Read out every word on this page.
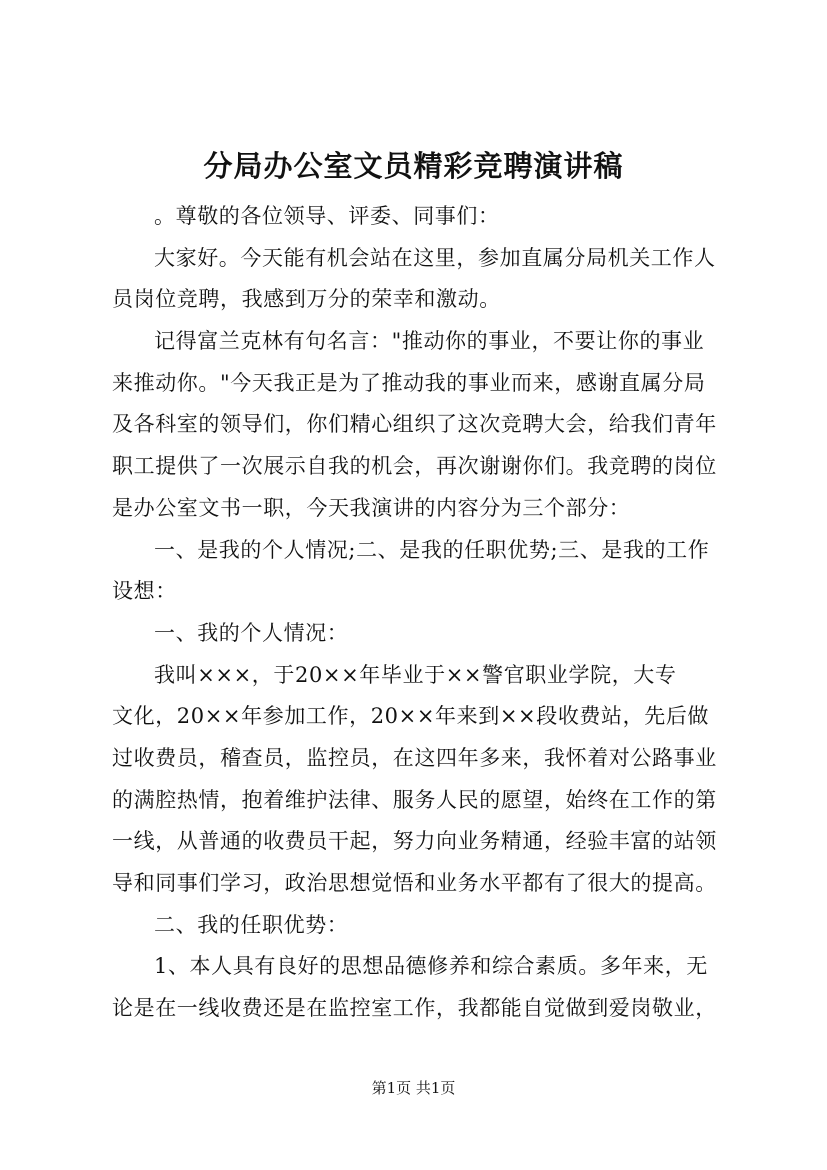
分局办公室文员精彩竞聘演讲稿
。尊敬的各位领导、评委、同事们：
大家好。今天能有机会站在这里，参加直属分局机关工作人
员岗位竞聘，我感到万分的荣幸和激动。
记得富兰克林有句名言："推动你的事业，不要让你的事业
来推动你。"今天我正是为了推动我的事业而来，感谢直属分局
及各科室的领导们，你们精心组织了这次竞聘大会，给我们青年
职工提供了一次展示自我的机会，再次谢谢你们。我竞聘的岗位
是办公室文书一职，今天我演讲的内容分为三个部分：
一、是我的个人情况;二、是我的任职优势;三、是我的工作
设想：
一、我的个人情况：
我叫×××，于20××年毕业于××警官职业学院，大专
文化，20××年参加工作，20××年来到××段收费站，先后做
过收费员，稽查员，监控员，在这四年多来，我怀着对公路事业
的满腔热情，抱着维护法律、服务人民的愿望，始终在工作的第
一线，从普通的收费员干起，努力向业务精通，经验丰富的站领
导和同事们学习，政治思想觉悟和业务水平都有了很大的提高。
二、我的任职优势：
1、本人具有良好的思想品德修养和综合素质。多年来，无
论是在一线收费还是在监控室工作，我都能自觉做到爱岗敬业，
第1页 共1页
